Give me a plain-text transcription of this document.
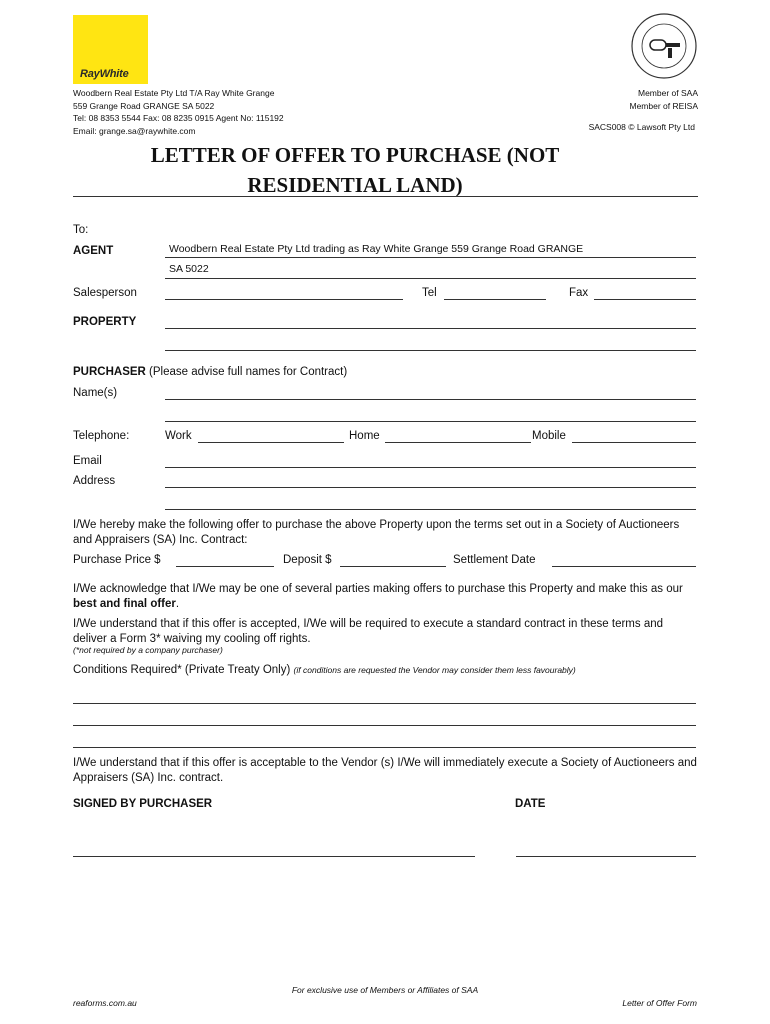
RayWhite
Woodbern Real Estate Pty Ltd T/A Ray White Grange
559 Grange Road GRANGE SA 5022
Tel: 08 8353 5544 Fax: 08 8235 0915 Agent No: 115192
Email: grange.sa@raywhite.com
Member of SAA
Member of REISA
SACS008 © Lawsoft Pty Ltd
LETTER OF OFFER TO PURCHASE (NOT
RESIDENTIAL LAND)
To:
AGENT	Woodbern Real Estate Pty Ltd trading as Ray White Grange 559 Grange Road GRANGE
SA 5022
Salesperson	Tel	Fax
PROPERTY
PURCHASER (Please advise full names for Contract)
Name(s)
Telephone:	Work	Home	Mobile
Email
Address
I/We hereby make the following offer to purchase the above Property upon the terms set out in a Society of Auctioneers and Appraisers (SA) Inc. Contract:
Purchase Price $	Deposit $	Settlement Date
I/We acknowledge that I/We may be one of several parties making offers to purchase this Property and make this as our best and final offer.
I/We understand that if this offer is accepted, I/We will be required to execute a standard contract in these terms and deliver a Form 3* waiving my cooling off rights.
(*not required by a company purchaser)
Conditions Required* (Private Treaty Only) (if conditions are requested the Vendor may consider them less favourably)
I/We understand that if this offer is acceptable to the Vendor (s) I/We will immediately execute a Society of Auctioneers and Appraisers (SA) Inc. contract.
SIGNED BY PURCHASER	DATE
For exclusive use of Members or Affiliates of SAA
reaforms.com.au	Letter of Offer Form
